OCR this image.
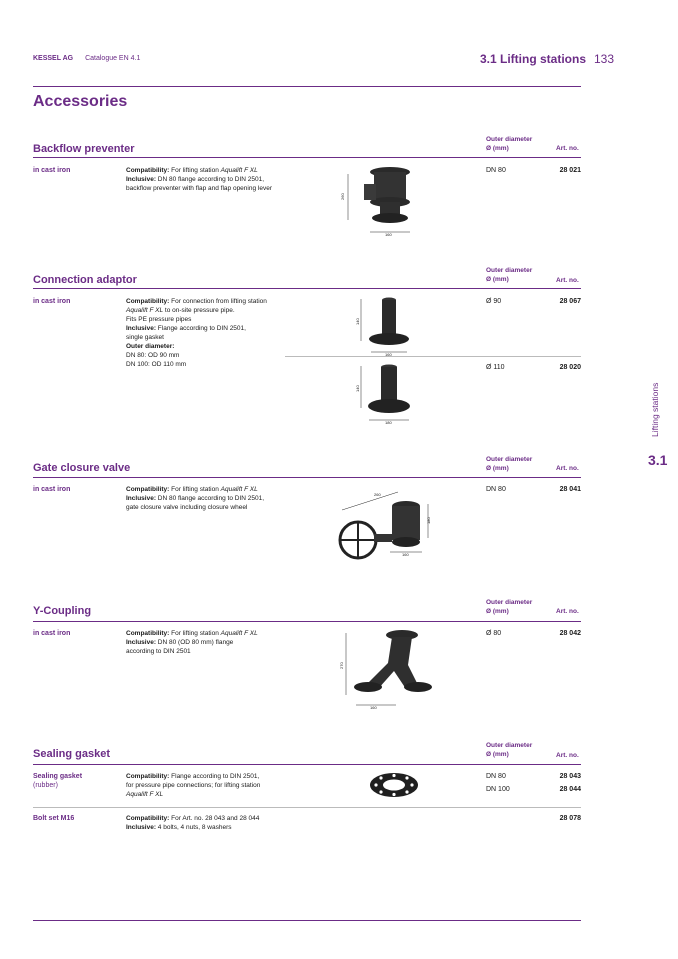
KESSEL AG Catalogue EN 4.1	3.1 Lifting stations 133
Accessories
Lifting stations
3.1
Backflow preventer
Outer diameter
Ø (mm)	Art. no.
in cast iron	Compatibility: For lifting station Aqualift F XL
Inclusive: DN 80 flange according to DIN 2501,
backflow preventer with flap and flap opening lever
DN 80	28 021
260
160
Connection adaptor
Outer diameter
Ø (mm)	Art. no.
in cast iron	Compatibility: For connection from lifting station
Aqualift F XL to on-site pressure pipe.
Fits PE pressure pipes
Inclusive: Flange according to DIN 2501,
single gasket
Outer diameter:
DN 80: OD 90 mm
DN 100: OD 110 mm
Ø 90	28 067
Ø 110	28 020
140
160
140
180
Gate closure valve
Outer diameter
Ø (mm)	Art. no.
in cast iron	Compatibility: For lifting station Aqualift F XL
Inclusive: DN 80 flange according to DIN 2501,
gate closure valve including closure wheel
DN 80	28 041
260
180
160
Y-Coupling
Outer diameter
Ø (mm)	Art. no.
in cast iron	Compatibility: For lifting station Aqualift F XL
Inclusive: DN 80 (OD 80 mm) flange
according to DIN 2501
Ø 80	28 042
270
160
Sealing gasket
Outer diameter
Ø (mm)	Art. no.
Sealing gasket
(rubber)
Compatibility: Flange according to DIN 2501,
for pressure pipe connections; for lifting station
Aqualift F XL
DN 80	28 043
DN 100	28 044
Bolt set M16	Compatibility: For Art. no. 28 043 and 28 044
Inclusive: 4 bolts, 4 nuts, 8 washers
28 078
